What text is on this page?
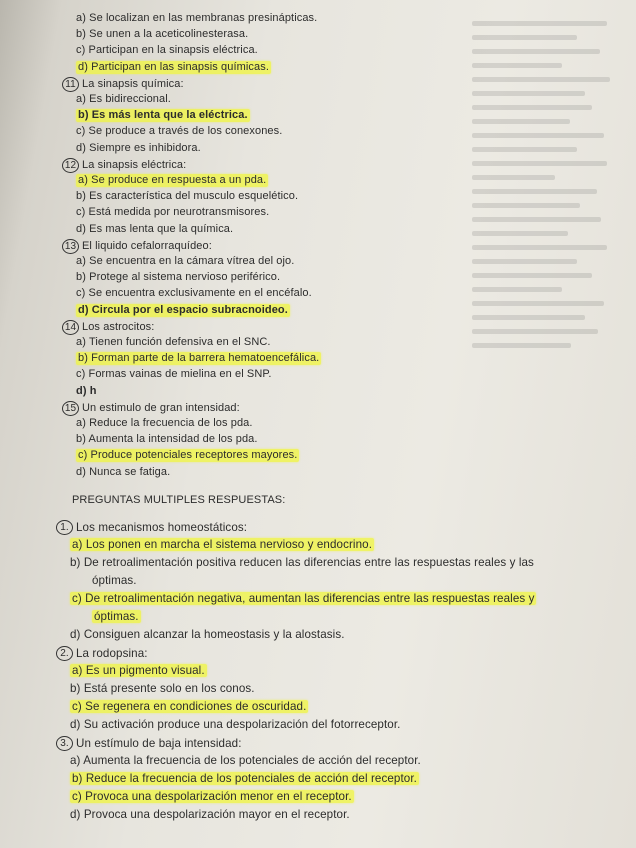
a) Se localizan en las membranas presinápticas.
b) Se unen a la aceticolinesterasa.
c) Participan en la sinapsis eléctrica.
d) Participan en las sinapsis químicas.
11 La sinapsis química:
a) Es bidireccional.
b) Es más lenta que la eléctrica.
c) Se produce a través de los conexones.
d) Siempre es inhibidora.
12 La sinapsis eléctrica:
a) Se produce en respuesta a un pda.
b) Es característica del musculo esquelético.
c) Está medida por neurotransmisores.
d) Es mas lenta que la química.
13 El liquido cefalorraquídeo:
a) Se encuentra en la cámara vítrea del ojo.
b) Protege al sistema nervioso periférico.
c) Se encuentra exclusivamente en el encéfalo.
d) Circula por el espacio subracnoideo.
14 Los astrocitos:
a) Tienen función defensiva en el SNC.
b) Forman parte de la barrera hematoencefálica.
c) Formas vainas de mielina en el SNP.
d) h
15 Un estimulo de gran intensidad:
a) Reduce la frecuencia de los pda.
b) Aumenta la intensidad de los pda.
c) Produce potenciales receptores mayores.
d) Nunca se fatiga.
PREGUNTAS MULTIPLES RESPUESTAS:
1. Los mecanismos homeostáticos:
a) Los ponen en marcha el sistema nervioso y endocrino.
b) De retroalimentación positiva reducen las diferencias entre las respuestas reales y las
óptimas.
c) De retroalimentación negativa, aumentan las diferencias entre las respuestas reales y
óptimas.
d) Consiguen alcanzar la homeostasis y la alostasis.
2. La rodopsina:
a) Es un pigmento visual.
b) Está presente solo en los conos.
c) Se regenera en condiciones de oscuridad.
d) Su activación produce una despolarización del fotorreceptor.
3. Un estímulo de baja intensidad:
a) Aumenta la frecuencia de los potenciales de acción del receptor.
b) Reduce la frecuencia de los potenciales de acción del receptor.
c) Provoca una despolarización menor en el receptor.
d) Provoca una despolarización mayor en el receptor.
